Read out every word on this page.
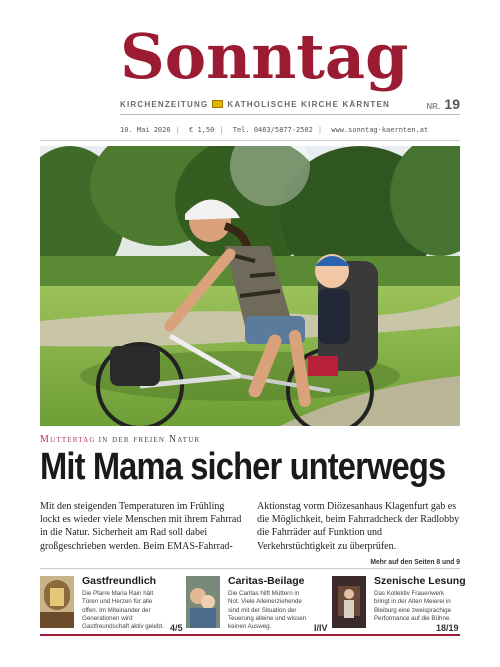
Sonntag
KIRCHENZEITUNG KATHOLISCHE KIRCHE KÄRNTEN	NR. 19
10. Mai 2026 | € 1,50 | Tel. 0463/5877-2502 | www.sonntag-kaernten.at
Muttertag in der freien Natur
Mit Mama sicher unterwegs
Mit den steigenden Temperaturen im Frühling lockt es wieder viele Menschen mit ihrem Fahrrad in die Natur. Sicherheit am Rad soll dabei großgeschrieben werden. Beim EMAS-Fahrrad-
Aktionstag vorm Diözesanhaus Klagenfurt gab es die Möglichkeit, beim Fahrradcheck der Radlobby die Fahrräder auf Funktion und Verkehrstüchtigkeit zu überprüfen.
Mehr auf den Seiten 8 und 9
Gastfreundlich
Die Pfarre Maria Rain hält Türen und Herzen für alle offen. Im Miteinander der Generationen wird Gastfreundschaft aktiv gelebt. 4/5
Caritas-Beilage
Die Caritas hilft Müttern in Not. Viele Alleinerziehende sind mit der Situation der Teuerung alleine und wissen keinen Ausweg.	I/IV
Szenische Lesung
Das Kollektiv Frauenwerk bringt in der Alten Meierei in Bleiburg eine zweisprachige Performance auf die Bühne.
18/19
